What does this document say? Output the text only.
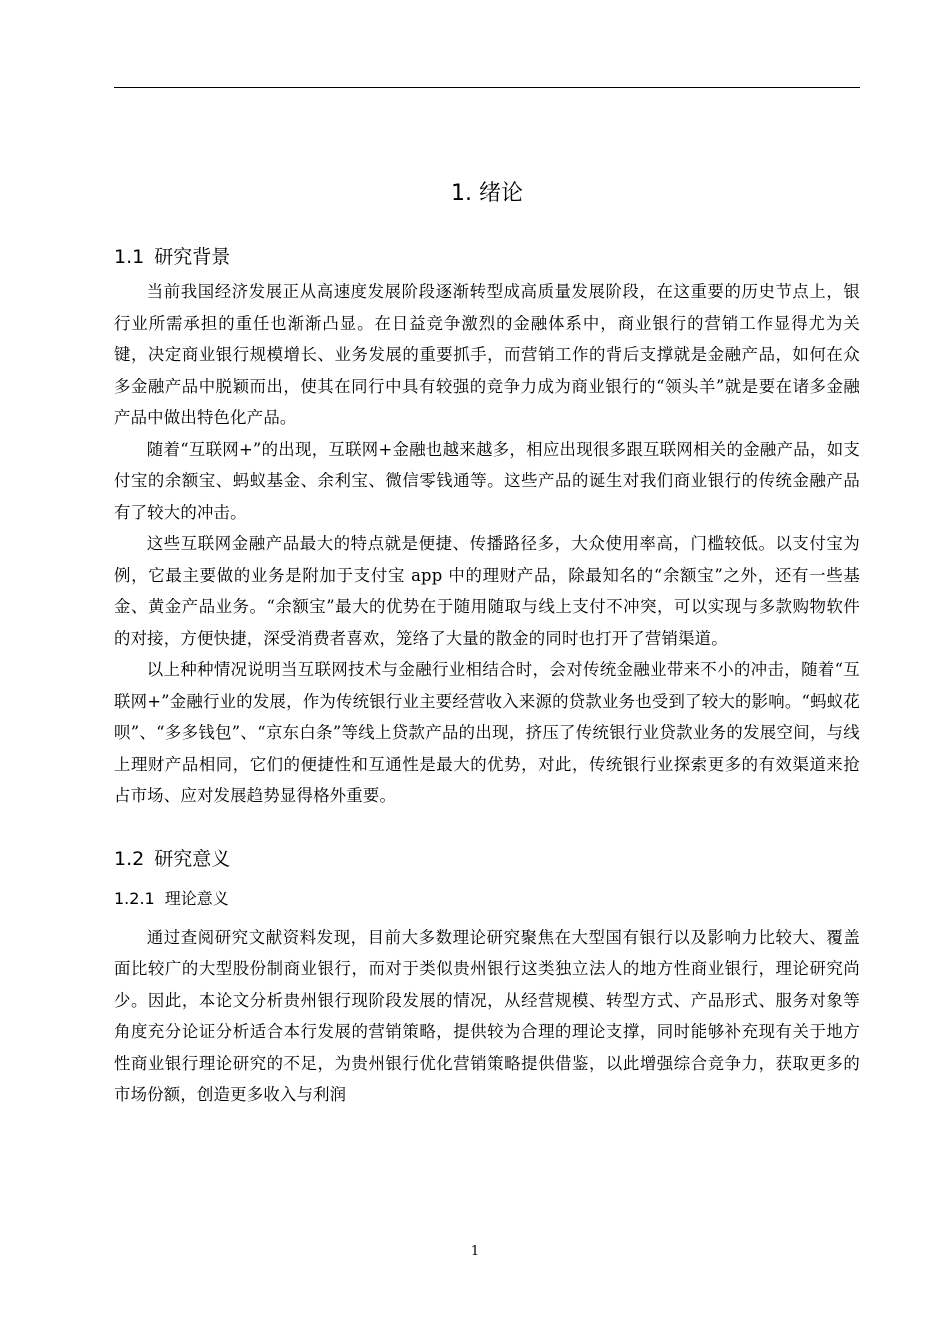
1. 绪论
1.1 研究背景

当前我国经济发展正从高速度发展阶段逐渐转型成高质量发展阶段，在这重要的历史节点上，银行业所需承担的重任也渐渐凸显。在日益竞争激烈的金融体系中，商业银行的营销工作显得尤为关键，决定商业银行规模增长、业务发展的重要抓手，而营销工作的背后支撑就是金融产品，如何在众多金融产品中脱颖而出，使其在同行中具有较强的竞争力成为商业银行的“领头羊”就是要在诸多金融产品中做出特色化产品。

随着“互联网+”的出现，互联网+金融也越来越多，相应出现很多跟互联网相关的金融产品，如支付宝的余额宝、蚂蚁基金、余利宝、微信零钱通等。这些产品的诞生对我们商业银行的传统金融产品有了较大的冲击。

这些互联网金融产品最大的特点就是便捷、传播路径多，大众使用率高，门槛较低。以支付宝为例，它最主要做的业务是附加于支付宝 app 中的理财产品，除最知名的“余额宝”之外，还有一些基金、黄金产品业务。“余额宝”最大的优势在于随用随取与线上支付不冲突，可以实现与多款购物软件的对接，方便快捷，深受消费者喜欢，笼络了大量的散金的同时也打开了营销渠道。

以上种种情况说明当互联网技术与金融行业相结合时，会对传统金融业带来不小的冲击，随着“互联网+”金融行业的发展，作为传统银行业主要经营收入来源的贷款业务也受到了较大的影响。“蚂蚁花呗”、“多多钱包”、“京东白条”等线上贷款产品的出现，挤压了传统银行业贷款业务的发展空间，与线上理财产品相同，它们的便捷性和互通性是最大的优势，对此，传统银行业探索更多的有效渠道来抢占市场、应对发展趋势显得格外重要。

1.2 研究意义
1.2.1 理论意义

通过查阅研究文献资料发现，目前大多数理论研究聚焦在大型国有银行以及影响力比较大、覆盖面比较广的大型股份制商业银行，而对于类似贵州银行这类独立法人的地方性商业银行，理论研究尚少。因此，本论文分析贵州银行现阶段发展的情况，从经营规模、转型方式、产品形式、服务对象等角度充分论证分析适合本行发展的营销策略，提供较为合理的理论支撑，同时能够补充现有关于地方性商业银行理论研究的不足，为贵州银行优化营销策略提供借鉴，以此增强综合竞争力，获取更多的市场份额，创造更多收入与利润

1
